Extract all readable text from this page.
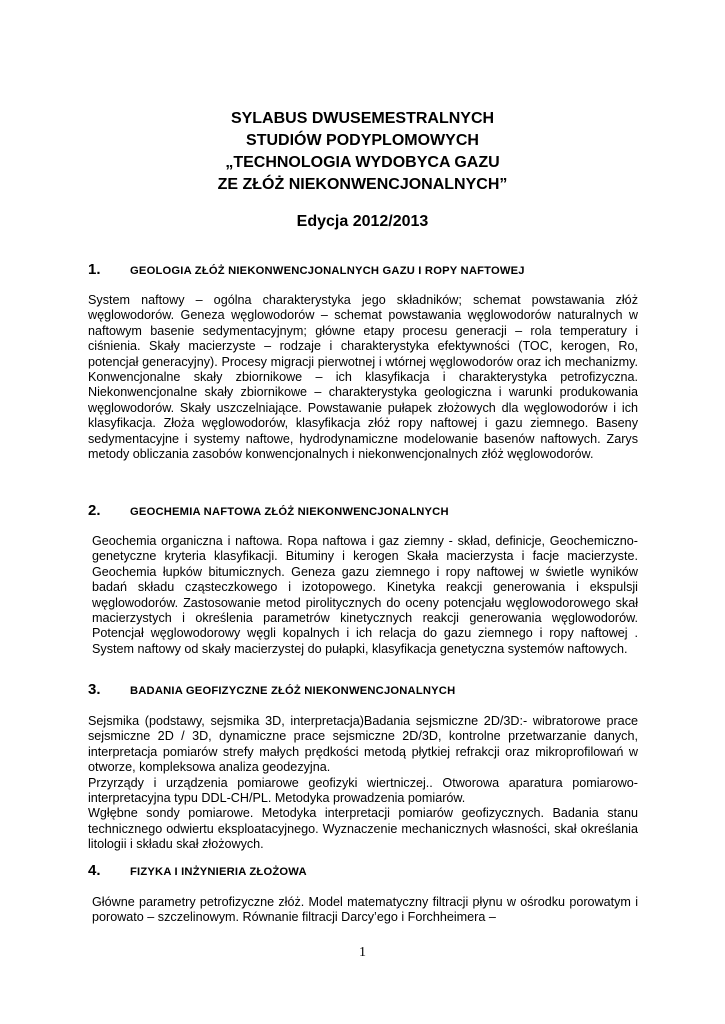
SYLABUS DWUSEMESTRALNYCH
STUDIÓW PODYPLOMOWYCH
„TECHNOLOGIA WYDOBYCA GAZU
ZE ZŁÓŻ NIEKONWENCJONALNYCH”
Edycja 2012/2013
1.	GEOLOGIA ZŁÓŻ NIEKONWENCJONALNYCH GAZU I ROPY NAFTOWEJ

System naftowy – ogólna charakterystyka jego składników; schemat powstawania złóż węglowodorów. Geneza węglowodorów – schemat powstawania węglowodorów naturalnych w naftowym basenie sedymentacyjnym; główne etapy procesu generacji – rola temperatury i ciśnienia. Skały macierzyste – rodzaje i charakterystyka efektywności (TOC, kerogen, Ro, potencjał generacyjny). Procesy migracji pierwotnej i wtórnej węglowodorów oraz ich mechanizmy. Konwencjonalne skały zbiornikowe – ich klasyfikacja i charakterystyka petrofizyczna. Niekonwencjonalne skały zbiornikowe – charakterystyka geologiczna i warunki produkowania węglowodorów. Skały uszczelniające. Powstawanie pułapek złożowych dla węglowodorów i ich klasyfikacja. Złoża węglowodorów, klasyfikacja złóż ropy naftowej i gazu ziemnego. Baseny sedymentacyjne i systemy naftowe, hydrodynamiczne modelowanie basenów naftowych. Zarys metody obliczania zasobów konwencjonalnych i niekonwencjonalnych złóż węglowodorów.

2.	GEOCHEMIA NAFTOWA ZŁÓŻ NIEKONWENCJONALNYCH

Geochemia organiczna i naftowa. Ropa naftowa i gaz ziemny - skład, definicje, Geochemiczno-genetyczne kryteria klasyfikacji. Bituminy i kerogen Skała macierzysta i facje macierzyste. Geochemia łupków bitumicznych. Geneza gazu ziemnego i ropy naftowej w świetle wyników badań składu cząsteczkowego i izotopowego. Kinetyka reakcji generowania i ekspulsji węglowodorów. Zastosowanie metod pirolitycznych do oceny potencjału węglowodorowego skał macierzystych i określenia parametrów kinetycznych reakcji generowania węglowodorów. Potencjał węglowodorowy węgli kopalnych i ich relacja do gazu ziemnego i ropy naftowej . System naftowy od skały macierzystej do pułapki, klasyfikacja genetyczna systemów naftowych.

3.	BADANIA GEOFIZYCZNE ZŁÓŻ NIEKONWENCJONALNYCH
Sejsmika (podstawy, sejsmika 3D, interpretacja)Badania sejsmiczne 2D/3D:- wibratorowe prace sejsmiczne 2D / 3D, dynamiczne prace sejsmiczne 2D/3D, kontrolne przetwarzanie danych, interpretacja pomiarów strefy małych prędkości metodą płytkiej refrakcji oraz mikroprofilowań w otworze, kompleksowa analiza geodezyjna.
Przyrządy i urządzenia pomiarowe geofizyki wiertniczej.. Otworowa aparatura pomiarowo-interpretacyjna typu DDL-CH/PL. Metodyka prowadzenia pomiarów.
Wgłębne sondy pomiarowe. Metodyka interpretacji pomiarów geofizycznych. Badania stanu technicznego odwiertu eksploatacyjnego. Wyznaczenie mechanicznych własności, skał określania litologii i składu skał złożowych.
4.	FIZYKA I INŻYNIERIA ZŁOŻOWA

Główne parametry petrofizyczne złóż. Model matematyczny filtracji płynu w ośrodku porowatym i porowato – szczelinowym. Równanie filtracji Darcy’ego i Forchheimera –

1
